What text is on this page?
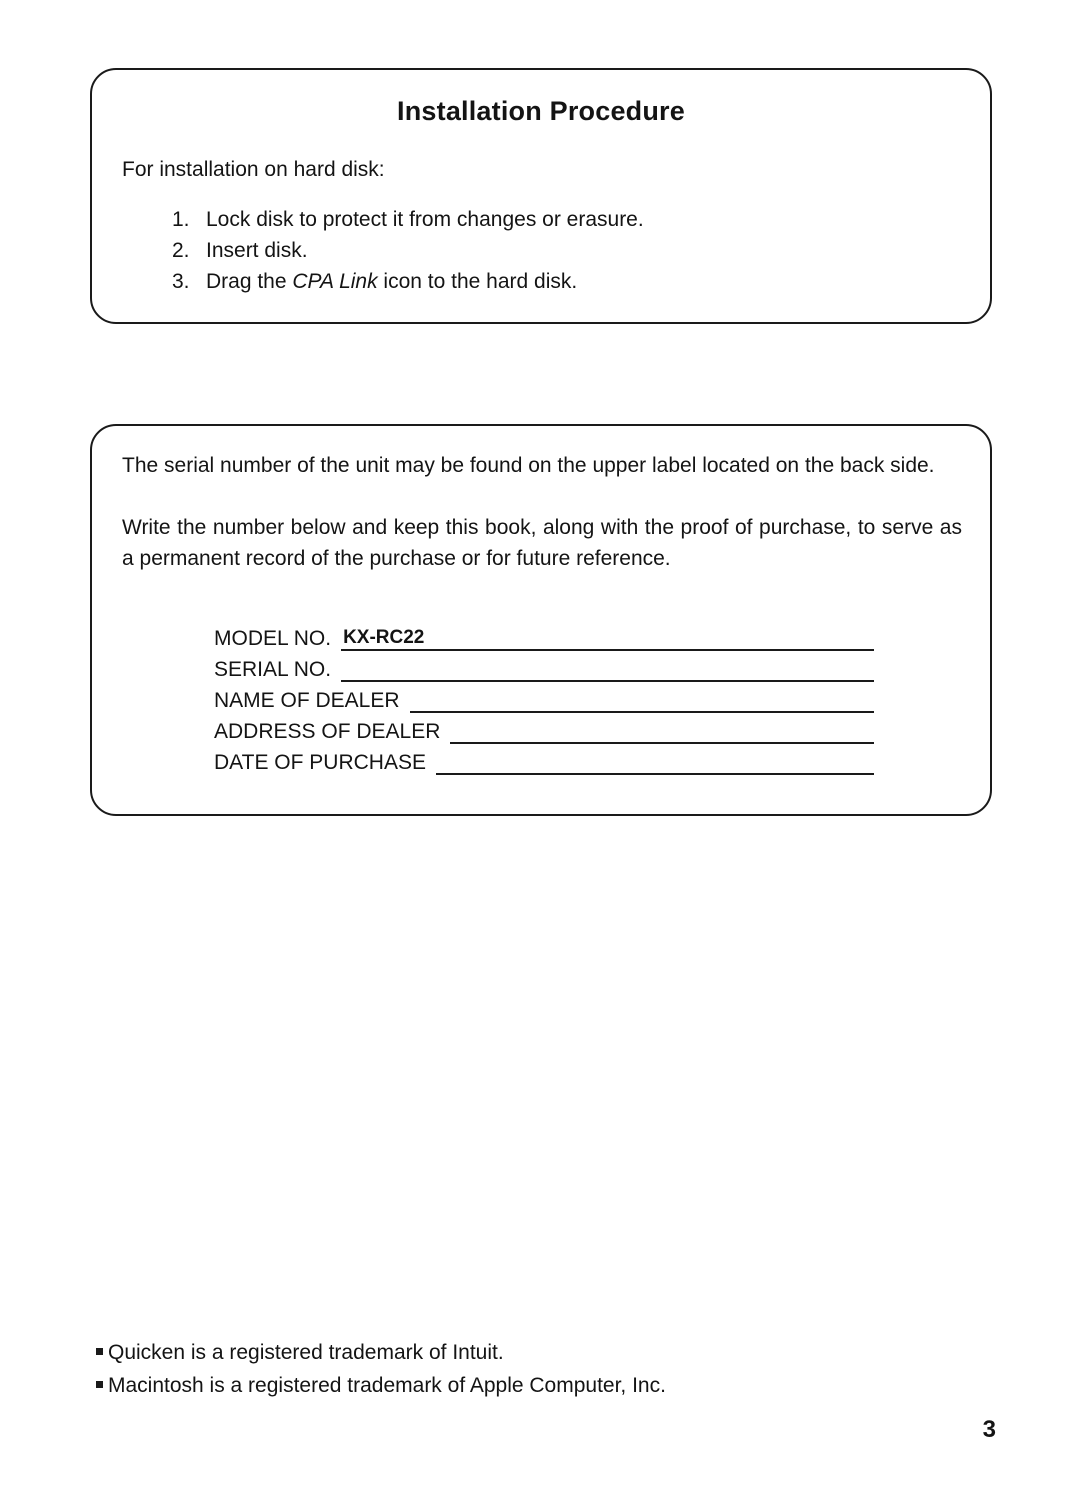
Installation Procedure
For installation on hard disk:
1. Lock disk to protect it from changes or erasure.
2. Insert disk.
3. Drag the CPA Link icon to the hard disk.

The serial number of the unit may be found on the upper label located on the back side.

Write the number below and keep this book, along with the proof of purchase, to serve as a permanent record of the purchase or for future reference.

MODEL NO. KX-RC22
SERIAL NO.
NAME OF DEALER
ADDRESS OF DEALER
DATE OF PURCHASE
Quicken is a registered trademark of Intuit.
Macintosh is a registered trademark of Apple Computer, Inc.
3
